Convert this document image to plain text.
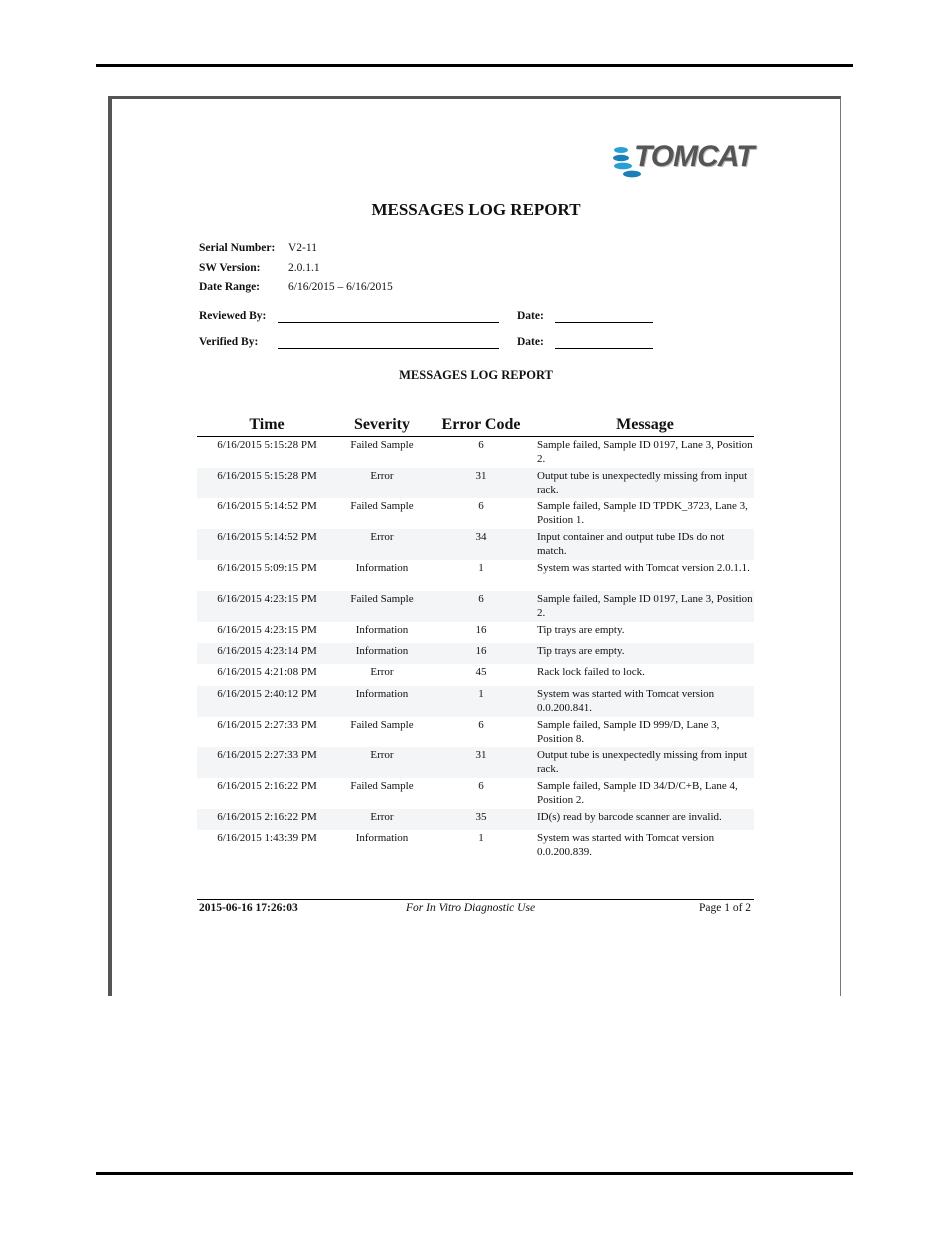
TOMCAT
MESSAGES LOG REPORT
Serial Number: V2-11
SW Version: 2.0.1.1
Date Range: 6/16/2015 – 6/16/2015
Reviewed By:	Date:
Verified By:	Date:
MESSAGES LOG REPORT
Time	Severity	Error Code	Message
6/16/2015 5:15:28 PM	Failed Sample	6	Sample failed, Sample ID 0197, Lane 3, Position 2.
6/16/2015 5:15:28 PM	Error	31	Output tube is unexpectedly missing from input rack.
6/16/2015 5:14:52 PM	Failed Sample	6	Sample failed, Sample ID TPDK_3723, Lane 3, Position 1.
6/16/2015 5:14:52 PM	Error	34	Input container and output tube IDs do not match.
6/16/2015 5:09:15 PM	Information	1	System was started with Tomcat version 2.0.1.1.
6/16/2015 4:23:15 PM	Failed Sample	6	Sample failed, Sample ID 0197, Lane 3, Position 2.
6/16/2015 4:23:15 PM	Information	16	Tip trays are empty.
6/16/2015 4:23:14 PM	Information	16	Tip trays are empty.
6/16/2015 4:21:08 PM	Error	45	Rack lock failed to lock.
6/16/2015 2:40:12 PM	Information	1	System was started with Tomcat version 0.0.200.841.
6/16/2015 2:27:33 PM	Failed Sample	6	Sample failed, Sample ID 999/D, Lane 3, Position 8.
6/16/2015 2:27:33 PM	Error	31	Output tube is unexpectedly missing from input rack.
6/16/2015 2:16:22 PM	Failed Sample	6	Sample failed, Sample ID 34/D/C+B, Lane 4, Position 2.
6/16/2015 2:16:22 PM	Error	35	ID(s) read by barcode scanner are invalid.
6/16/2015 1:43:39 PM	Information	1	System was started with Tomcat version 0.0.200.839.
2015-06-16 17:26:03	For In Vitro Diagnostic Use	Page 1 of 2
